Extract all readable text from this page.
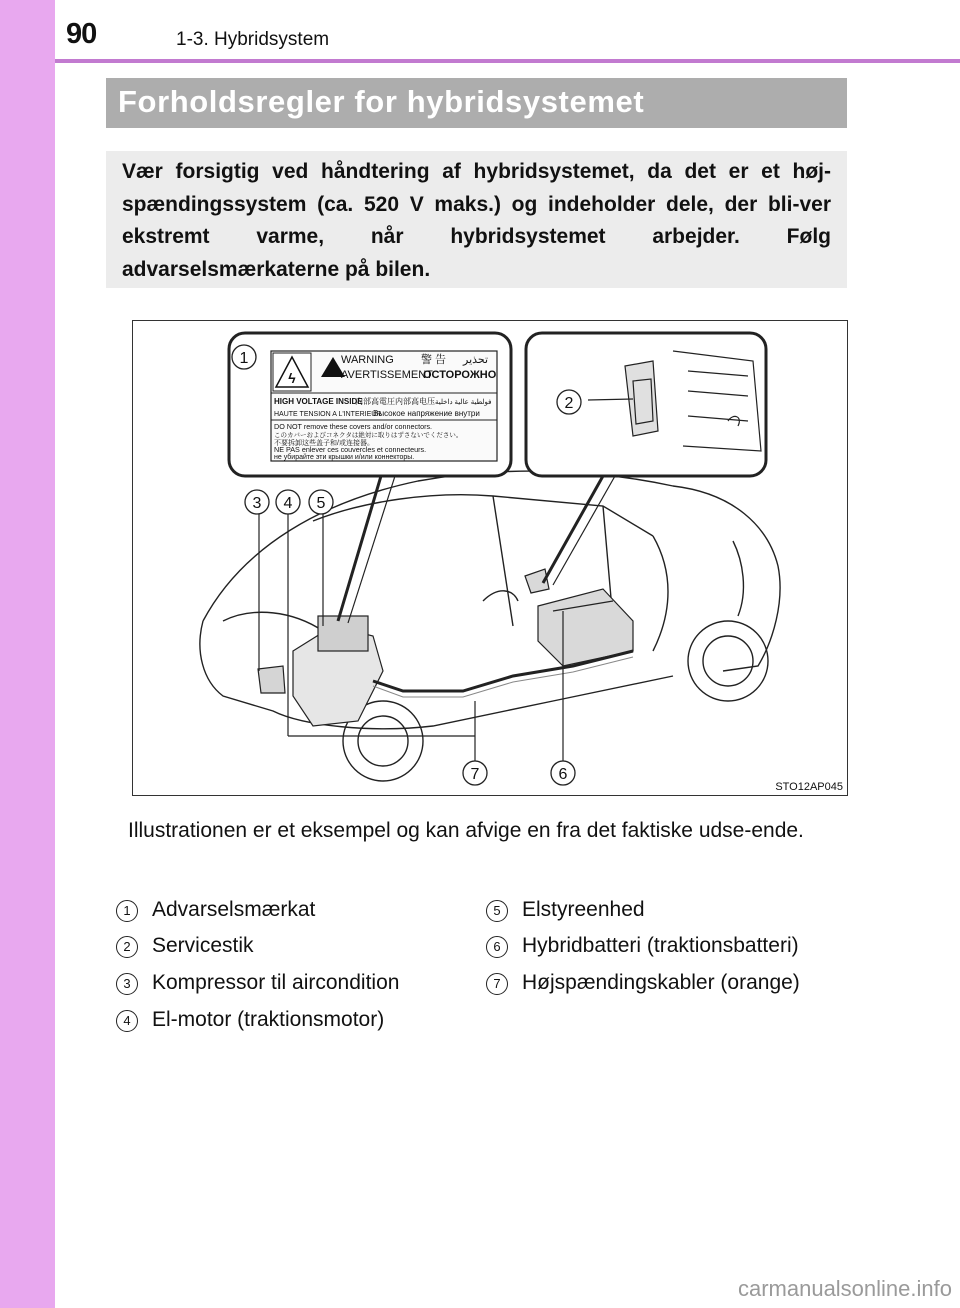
90	1-3. Hybridsystem
Forholdsregler for hybridsystemet

Vær forsigtig ved håndtering af hybridsystemet, da det er et høj-spændingssystem (ca. 520 V maks.) og indeholder dele, der bli-ver ekstremt varme, når hybridsystemet arbejder. Følg advarselsmærkaterne på bilen.

ϟ
WARNING 警 告 تحذير
AVERTISSEMENT
ОСТОРОЖНО
HIGH VOLTAGE INSIDE
内部高電圧 内部高电压 فولطية عالية داخلية
HAUTE TENSION A L'INTERIEUR
Высокое напряжение внутри
DO NOT remove these covers and/or connectors.
このカバーおよびコネクタは絶対に取りはずさないでください。
不要拆卸这些盖子和/或连接器。
NE PAS enlever ces couvercles et connecteurs.
не убирайте эти крышки и/или коннекторы.
1
2
3 4 5
6
7
STO12AP045

Illustrationen er et eksempel og kan afvige en fra det faktiske udse-ende.

1	Advarselsmærkat
2	Servicestik
3	Kompressor til aircondition
4	El-motor (traktionsmotor)
5	Elstyreenhed
6	Hybridbatteri (traktionsbatteri)
7	Højspændingskabler (orange)
carmanualsonline.info
